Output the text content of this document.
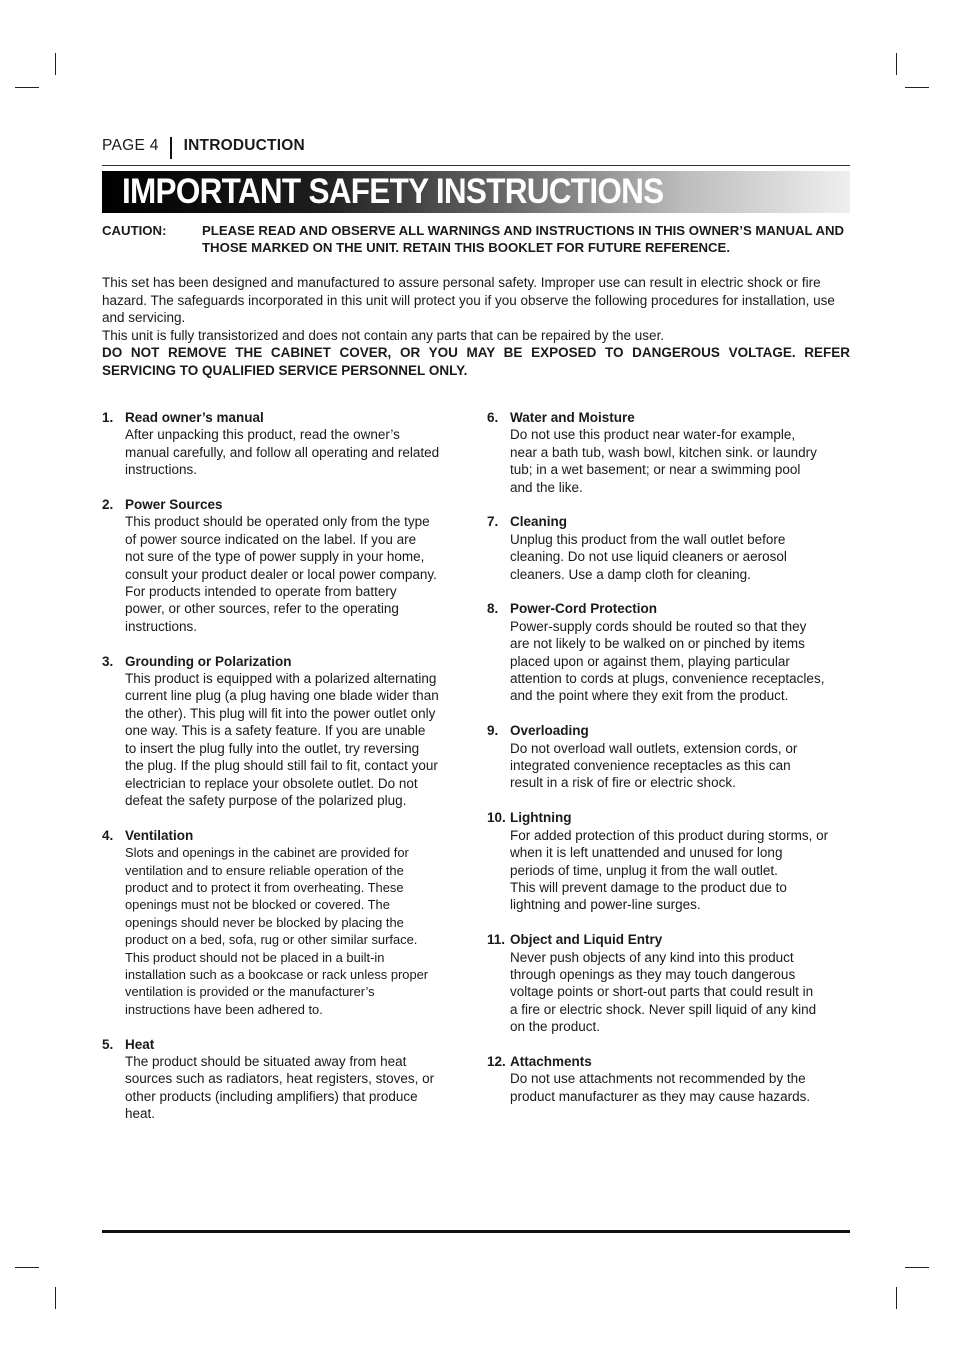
PAGE 4 INTRODUCTION
IMPORTANT SAFETY INSTRUCTIONS
CAUTION:	PLEASE READ AND OBSERVE ALL WARNINGS AND INSTRUCTIONS IN THIS OWNER’S MANUAL AND THOSE MARKED ON THE UNIT. RETAIN THIS BOOKLET FOR FUTURE REFERENCE.

This set has been designed and manufactured to assure personal safety. Improper use can result in electric shock or fire hazard. The safeguards incorporated in this unit will protect you if you observe the following procedures for installation, use and servicing.

This unit is fully transistorized and does not contain any parts that can be repaired by the user.

DO NOT REMOVE THE CABINET COVER, OR YOU MAY BE EXPOSED TO DANGEROUS VOLTAGE. REFER SERVICING TO QUALIFIED SERVICE PERSONNEL ONLY.

1. Read owner’s manual
After unpacking this product, read the owner’s
manual carefully, and follow all operating and related
instructions.
2. Power Sources
This product should be operated only from the type
of power source indicated on the label. If you are
not sure of the type of power supply in your home,
consult your product dealer or local power company.
For products intended to operate from battery
power, or other sources, refer to the operating
instructions.
3. Grounding or Polarization
This product is equipped with a polarized alternating
current line plug (a plug having one blade wider than
the other). This plug will fit into the power outlet only
one way. This is a safety feature. If you are unable
to insert the plug fully into the outlet, try reversing
the plug. If the plug should still fail to fit, contact your
electrician to replace your obsolete outlet. Do not
defeat the safety purpose of the polarized plug.
4. Ventilation
Slots and openings in the cabinet are provided for
ventilation and to ensure reliable operation of the
product and to protect it from overheating. These
openings must not be blocked or covered. The
openings should never be blocked by placing the
product on a bed, sofa, rug or other similar surface.
This product should not be placed in a built-in
installation such as a bookcase or rack unless proper
ventilation is provided or the manufacturer’s
instructions have been adhered to.
5. Heat
The product should be situated away from heat
sources such as radiators, heat registers, stoves, or
other products (including amplifiers) that produce
heat.
6. Water and Moisture
Do not use this product near water-for example,
near a bath tub, wash bowl, kitchen sink. or laundry
tub; in a wet basement; or near a swimming pool
and the like.
7. Cleaning
Unplug this product from the wall outlet before
cleaning. Do not use liquid cleaners or aerosol
cleaners. Use a damp cloth for cleaning.
8. Power-Cord Protection
Power-supply cords should be routed so that they
are not likely to be walked on or pinched by items
placed upon or against them, playing particular
attention to cords at plugs, convenience receptacles,
and the point where they exit from the product.
9. Overloading
Do not overload wall outlets, extension cords, or
integrated convenience receptacles as this can
result in a risk of fire or electric shock.
10. Lightning
For added protection of this product during storms, or
when it is left unattended and unused for long
periods of time, unplug it from the wall outlet.
This will prevent damage to the product due to
lightning and power-line surges.
11. Object and Liquid Entry
Never push objects of any kind into this product
through openings as they may touch dangerous
voltage points or short-out parts that could result in
a fire or electric shock. Never spill liquid of any kind
on the product.
12. Attachments
Do not use attachments not recommended by the
product manufacturer as they may cause hazards.
